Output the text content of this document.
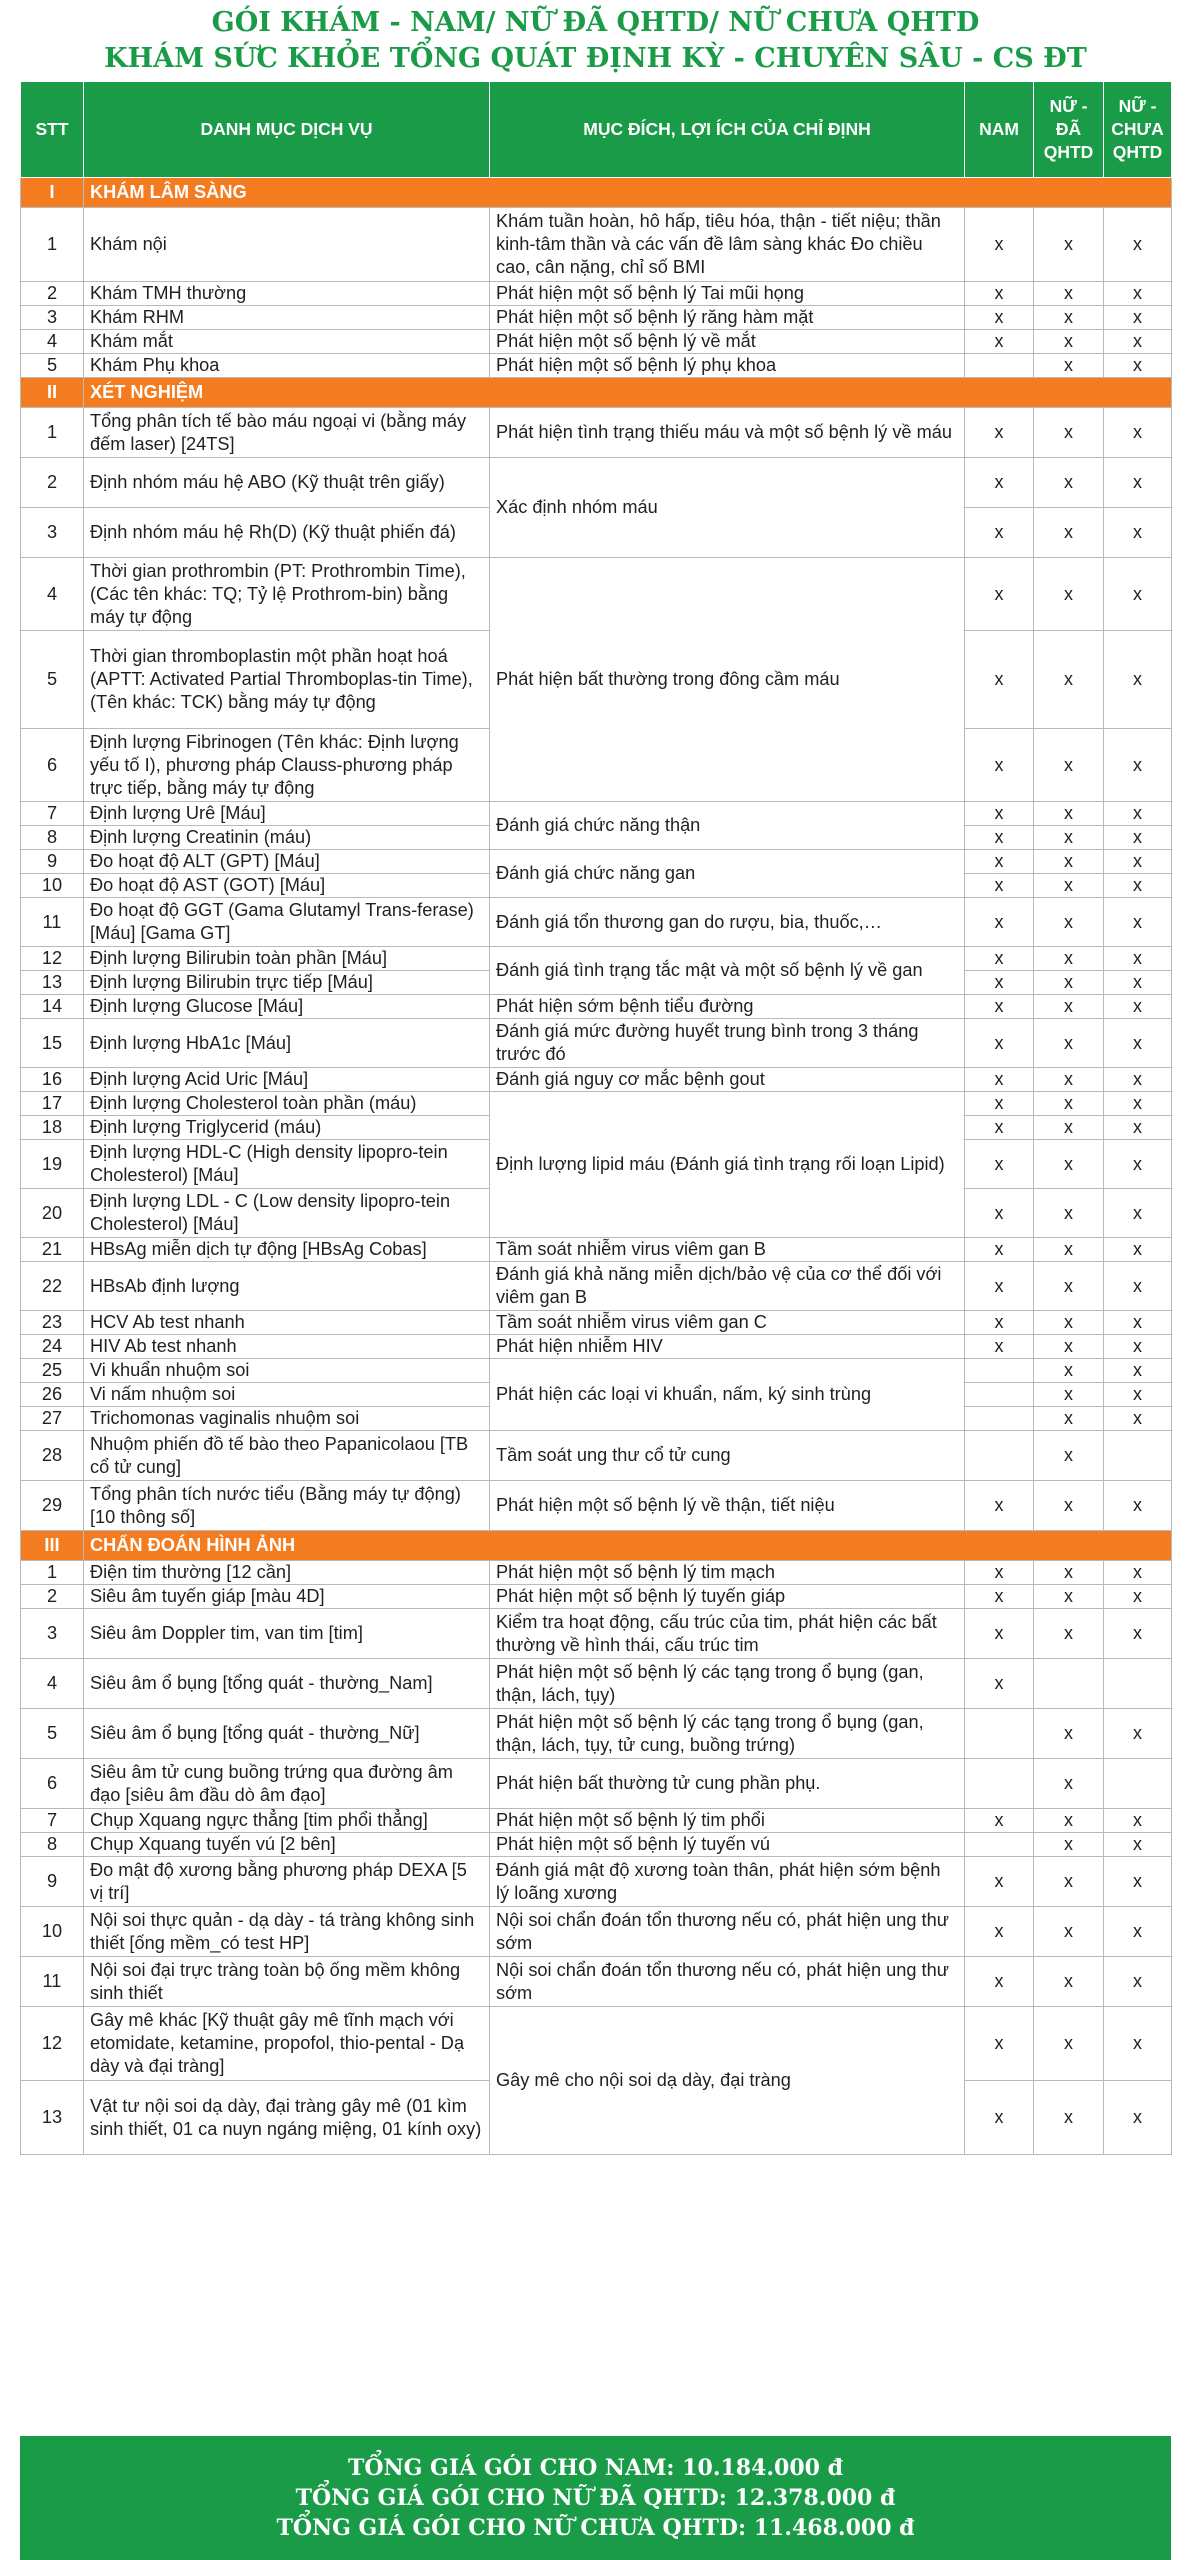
GÓI KHÁM - NAM/ NỮ ĐÃ QHTD/ NỮ CHƯA QHTD
KHÁM SỨC KHỎE TỔNG QUÁT ĐỊNH KỲ - CHUYÊN SÂU - CS ĐT
STT	DANH MỤC DỊCH VỤ	MỤC ĐÍCH, LỢI ÍCH CỦA CHỈ ĐỊNH	NAM	NỮ - ĐÃ QHTD	NỮ - CHƯA QHTD
I	KHÁM LÂM SÀNG				
1	Khám nội	Khám tuần hoàn, hô hấp, tiêu hóa, thận - tiết niệu; thần kinh-tâm thần và các vấn đề lâm sàng khác Đo chiều cao, cân nặng, chỉ số BMI	x	x	x
2	Khám TMH thường	Phát hiện một số bệnh lý Tai mũi họng	x	x	x
3	Khám RHM	Phát hiện một số bệnh lý răng hàm mặt	x	x	x
4	Khám mắt	Phát hiện một số bệnh lý về mắt	x	x	x
5	Khám Phụ khoa	Phát hiện một số bệnh lý phụ khoa		x	x
II	XÉT NGHIỆM				
1	Tổng phân tích tế bào máu ngoại vi (bằng máy đếm laser) [24TS]	Phát hiện tình trạng thiếu máu và một số bệnh lý về máu	x	x	x
2	Định nhóm máu hệ ABO (Kỹ thuật trên giấy)	Xác định nhóm máu	x	x	x
3	Định nhóm máu hệ Rh(D) (Kỹ thuật phiến đá)		x	x	x
4	Thời gian prothrombin (PT: Prothrombin Time), (Các tên khác: TQ; Tỷ lệ Prothrom-bin) bằng máy tự động	Phát hiện bất thường trong đông cầm máu	x	x	x
5	Thời gian thromboplastin một phần hoạt hoá (APTT: Activated Partial Thromboplas-tin Time), (Tên khác: TCK) bằng máy tự động		x	x	x
6	Định lượng Fibrinogen (Tên khác: Định lượng yếu tố I), phương pháp Clauss-phương pháp trực tiếp, bằng máy tự động		x	x	x
7	Định lượng Urê [Máu]	Đánh giá chức năng thận	x	x	x
8	Định lượng Creatinin (máu)		x	x	x
9	Đo hoạt độ ALT (GPT) [Máu]	Đánh giá chức năng gan	x	x	x
10	Đo hoạt độ AST (GOT) [Máu]		x	x	x
11	Đo hoạt độ GGT (Gama Glutamyl Trans-ferase) [Máu] [Gama GT]	Đánh giá tổn thương gan do rượu, bia, thuốc,…	x	x	x
12	Định lượng Bilirubin toàn phần [Máu]	Đánh giá tình trạng tắc mật và một số bệnh lý về gan	x	x	x
13	Định lượng Bilirubin trực tiếp [Máu]		x	x	x
14	Định lượng Glucose [Máu]	Phát hiện sớm bệnh tiểu đường	x	x	x
15	Định lượng HbA1c [Máu]	Đánh giá mức đường huyết trung bình trong 3 tháng trước đó	x	x	x
16	Định lượng Acid Uric [Máu]	Đánh giá nguy cơ mắc bệnh gout	x	x	x
17	Định lượng Cholesterol toàn phần (máu)	Định lượng lipid máu (Đánh giá tình trạng rối loạn Lipid)	x	x	x
18	Định lượng Triglycerid (máu)		x	x	x
19	Định lượng HDL-C (High density lipopro-tein Cholesterol) [Máu]		x	x	x
20	Định lượng LDL - C (Low density lipopro-tein Cholesterol) [Máu]		x	x	x
21	HBsAg miễn dịch tự động [HBsAg Cobas]	Tầm soát nhiễm virus viêm gan B	x	x	x
22	HBsAb định lượng	Đánh giá khả năng miễn dịch/bảo vệ của cơ thể đối với viêm gan B	x	x	x
23	HCV Ab test nhanh	Tầm soát nhiễm virus viêm gan C	x	x	x
24	HIV Ab test nhanh	Phát hiện nhiễm HIV	x	x	x
25	Vi khuẩn nhuộm soi	Phát hiện các loại vi khuẩn, nấm, ký sinh trùng		x	x
26	Vi nấm nhuộm soi			x	x
27	Trichomonas vaginalis nhuộm soi			x	x
28	Nhuộm phiến đồ tế bào theo Papanicolaou [TB cổ tử cung]	Tầm soát ung thư cổ tử cung		x	
29	Tổng phân tích nước tiểu (Bằng máy tự động) [10 thông số]	Phát hiện một số bệnh lý về thận, tiết niệu	x	x	x
III	CHẨN ĐOÁN HÌNH ẢNH				
1	Điện tim thường [12 cần]	Phát hiện một số bệnh lý tim mạch	x	x	x
2	Siêu âm tuyến giáp [màu 4D]	Phát hiện một số bệnh lý tuyến giáp	x	x	x
3	Siêu âm Doppler tim, van tim [tim]	Kiểm tra hoạt động, cấu trúc của tim, phát hiện các bất thường về hình thái, cấu trúc tim	x	x	x
4	Siêu âm ổ bụng [tổng quát - thường_Nam]	Phát hiện một số bệnh lý các tạng trong ổ bụng (gan, thận, lách, tụy)	x		
5	Siêu âm ổ bụng [tổng quát - thường_Nữ]	Phát hiện một số bệnh lý các tạng trong ổ bụng (gan, thận, lách, tụy, tử cung, buồng trứng)		x	x
6	Siêu âm tử cung buồng trứng qua đường âm đạo [siêu âm đầu dò âm đạo]	Phát hiện bất thường tử cung phần phụ.		x	
7	Chụp Xquang ngực thẳng [tim phổi thẳng]	Phát hiện một số bệnh lý tim phổi	x	x	x
8	Chụp Xquang tuyến vú [2 bên]	Phát hiện một số bệnh lý tuyến vú		x	x
9	Đo mật độ xương bằng phương pháp DEXA [5 vị trí]	Đánh giá mật độ xương toàn thân, phát hiện sớm bệnh lý loãng xương	x	x	x
10	Nội soi thực quản - dạ dày - tá tràng không sinh thiết [ống mềm_có test HP]	Nội soi chẩn đoán tổn thương nếu có, phát hiện ung thư sớm	x	x	x
11	Nội soi đại trực tràng toàn bộ ống mềm không sinh thiết	Nội soi chẩn đoán tổn thương nếu có, phát hiện ung thư sớm	x	x	x
12	Gây mê khác [Kỹ thuật gây mê tĩnh mạch với etomidate, ketamine, propofol, thio-pental - Dạ dày và đại tràng]	Gây mê cho nội soi dạ dày, đại tràng	x	x	x
13	Vật tư nội soi dạ dày, đại tràng gây mê (01 kìm sinh thiết, 01 ca nuyn ngáng miệng, 01 kính oxy)		x	x	x
TỔNG GIÁ GÓI CHO NAM: 10.184.000 đ
TỔNG GIÁ GÓI CHO NỮ ĐÃ QHTD: 12.378.000 đ
TỔNG GIÁ GÓI CHO NỮ CHƯA QHTD: 11.468.000 đ
